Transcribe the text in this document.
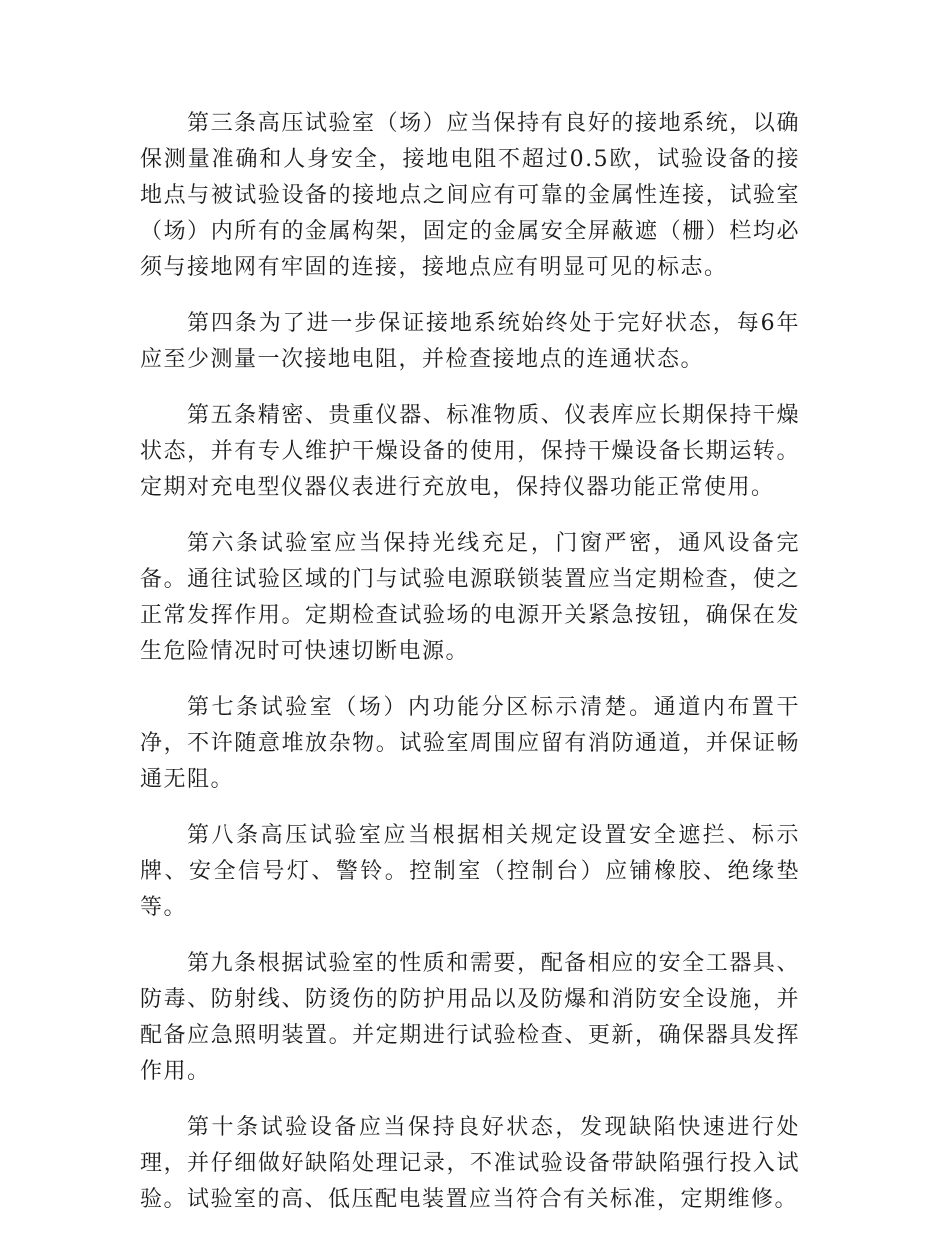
第三条高压试验室（场）应当保持有良好的接地系统，以确保测量准确和人身安全，接地电阻不超过0.5欧，试验设备的接地点与被试验设备的接地点之间应有可靠的金属性连接，试验室（场）内所有的金属构架，固定的金属安全屏蔽遮（栅）栏均必须与接地网有牢固的连接，接地点应有明显可见的标志。

第四条为了进一步保证接地系统始终处于完好状态，每6年应至少测量一次接地电阻，并检查接地点的连通状态。

第五条精密、贵重仪器、标准物质、仪表库应长期保持干燥状态，并有专人维护干燥设备的使用，保持干燥设备长期运转。定期对充电型仪器仪表进行充放电，保持仪器功能正常使用。

第六条试验室应当保持光线充足，门窗严密，通风设备完备。通往试验区域的门与试验电源联锁装置应当定期检查，使之正常发挥作用。定期检查试验场的电源开关紧急按钮，确保在发生危险情况时可快速切断电源。

第七条试验室（场）内功能分区标示清楚。通道内布置干净，不许随意堆放杂物。试验室周围应留有消防通道，并保证畅通无阻。

第八条高压试验室应当根据相关规定设置安全遮拦、标示牌、安全信号灯、警铃。控制室（控制台）应铺橡胶、绝缘垫等。

第九条根据试验室的性质和需要，配备相应的安全工器具、防毒、防射线、防烫伤的防护用品以及防爆和消防安全设施，并配备应急照明装置。并定期进行试验检查、更新，确保器具发挥作用。

第十条试验设备应当保持良好状态，发现缺陷快速进行处理，并仔细做好缺陷处理记录，不准试验设备带缺陷强行投入试验。试验室的高、低压配电装置应当符合有关标准，定期维修。
